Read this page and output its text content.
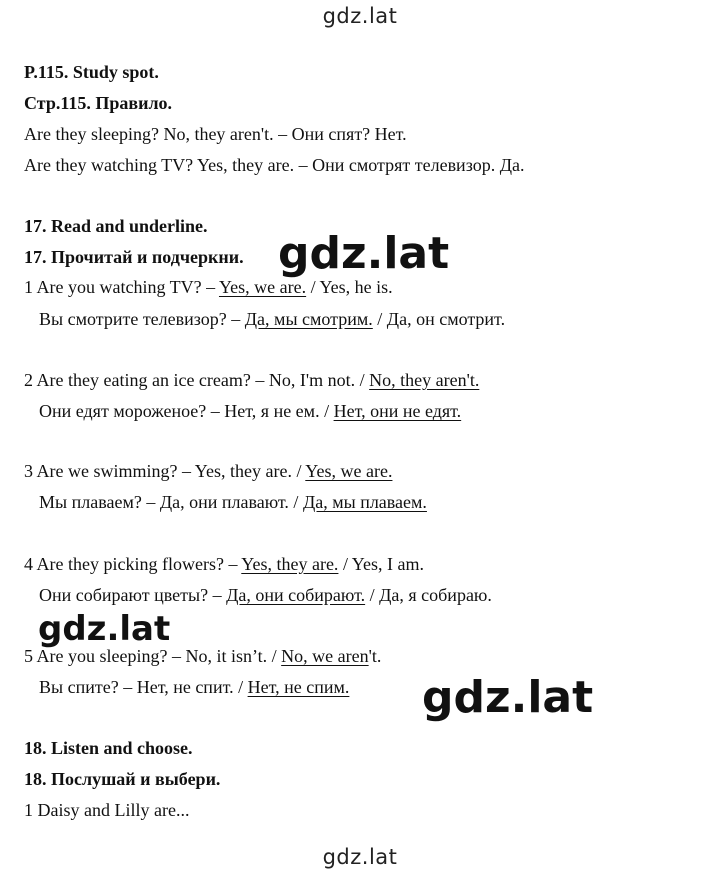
gdz.lat
P.115. Study spot.
Стр.115. Правило.
Are they sleeping? No, they aren't. – Они спят? Нет.
Are they watching TV? Yes, they are. – Они смотрят телевизор. Да.
17. Read and underline.
17. Прочитай и подчеркни.
1 Are you watching TV? – Yes, we are. / Yes, he is.
Вы смотрите телевизор? – Да, мы смотрим. / Да, он смотрит.
2 Are they eating an ice cream? – No, I'm not. / No, they aren't.
Они едят мороженое? – Нет, я не ем. / Нет, они не едят.
3 Are we swimming? – Yes, they are. / Yes, we are.
Мы плаваем? – Да, они плавают. / Да, мы плаваем.
4 Are they picking flowers? – Yes, they are. / Yes, I am.
Они собирают цветы? – Да, они собирают. / Да, я собираю.
5 Are you sleeping? – No, it isn’t. / No, we aren't.
Вы спите? – Нет, не спит. / Нет, не спим.
18. Listen and choose.
18. Послушай и выбери.
1 Daisy and Lilly are...
gdz.lat
gdz.lat
gdz.lat
gdz.lat
